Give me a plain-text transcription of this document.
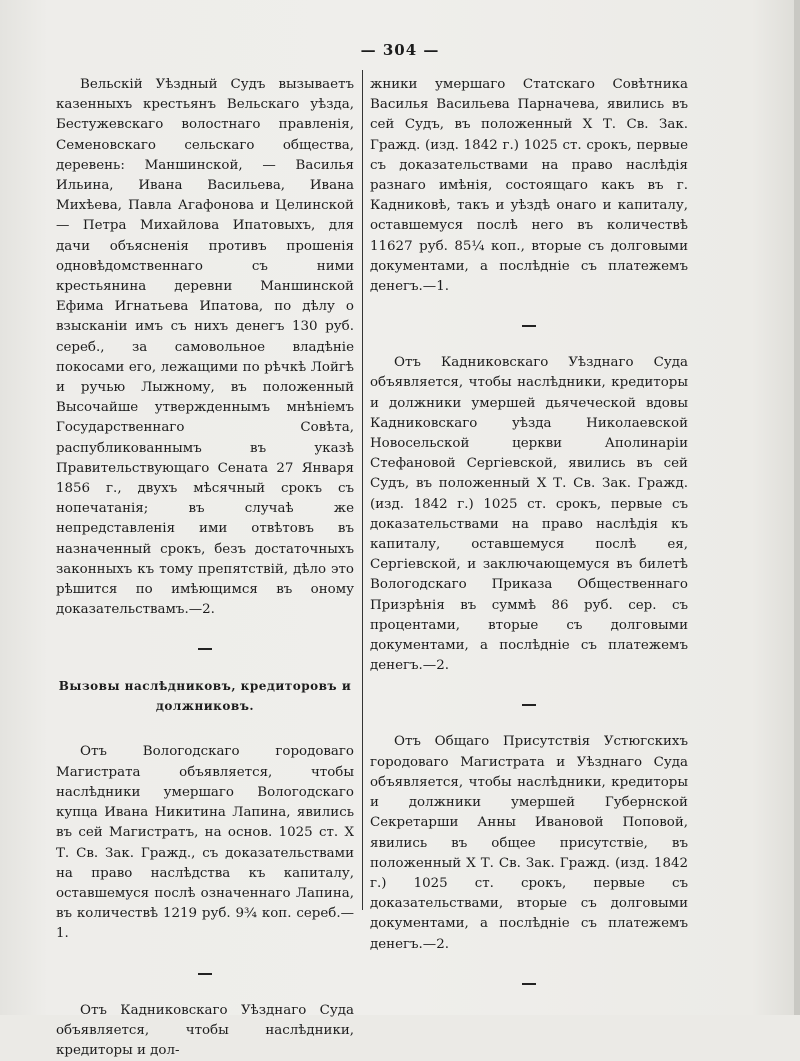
— 304 —

Вельскій Уѣздный Судъ вызываетъ казенныхъ крестьянъ Вельскаго уѣзда, Бестужевскаго волостнаго правленія, Семеновскаго сельскаго общества, деревень: Маншинской, — Василья Ильина, Ивана Васильева, Ивана Михѣева, Павла Агафонова и Целинской — Петра Михайлова Ипатовыхъ, для дачи объясненія противъ прошенія одновѣдомственнаго съ ними крестьянина деревни Маншинской Ефима Игнатьева Ипатова, по дѣлу о взысканіи имъ съ нихъ денегъ 130 руб. сереб., за самовольное владѣніе покосами его, лежащими по рѣчкѣ Лойгѣ и ручью Лыжному, въ положенный Высочайше утвержденнымъ мнѣніемъ Государственнаго Совѣта, распубликованнымъ въ указѣ Правительствующаго Сената 27 Января 1856 г., двухъ мѣсячный срокъ съ нопечатанія; въ случаѣ же непредставленія ими отвѣтовъ въ назначенный срокъ, безъ достаточныхъ законныхъ къ тому препятствій, дѣло это рѣшится по имѣющимся въ оному доказательствамъ.—2.

Вызовы наслѣдниковъ, кредиторовъ и должниковъ.

Отъ Вологодскаго городоваго Магистрата объявляется, чтобы наслѣдники умершаго Вологодскаго купца Ивана Никитина Лапина, явились въ сей Магистратъ, на основ. 1025 ст. X Т. Св. Зак. Гражд., съ доказательствами на право наслѣдства къ капиталу, оставшемуся послѣ означеннаго Лапина, въ количествѣ 1219 руб. 9¾ коп. сереб.—1.

Отъ Кадниковскаго Уѣзднаго Суда объявляется, чтобы наслѣдники, кредиторы и дол-

жники умершаго Статскаго Совѣтника Василья Васильева Парначева, явились въ сей Судъ, въ положенный X Т. Св. Зак. Гражд. (изд. 1842 г.) 1025 ст. срокъ, первые съ доказательствами на право наслѣдія разнаго имѣнія, состоящаго какъ въ г. Кадниковѣ, такъ и уѣздѣ онаго и капиталу, оставшемуся послѣ него въ количествѣ 11627 руб. 85¼ коп., вторые съ долговыми документами, а послѣдніе съ платежемъ денегъ.—1.

Отъ Кадниковскаго Уѣзднаго Суда объявляется, чтобы наслѣдники, кредиторы и должники умершей дьячеческой вдовы Кадниковскаго уѣзда Николаевской Новосельской церкви Аполинаріи Стефановой Сергіевской, явились въ сей Судъ, въ положенный X Т. Св. Зак. Гражд. (изд. 1842 г.) 1025 ст. срокъ, первые съ доказательствами на право наслѣдія къ капиталу, оставшемуся послѣ ея, Сергіевской, и заключающемуся въ билетѣ Вологодскаго Приказа Общественнаго Призрѣнія въ суммѣ 86 руб. сер. съ процентами, вторые съ долговыми документами, а послѣдніе съ платежемъ денегъ.—2.

Отъ Общаго Присутствія Устюгскихъ городоваго Магистрата и Уѣзднаго Суда объявляется, чтобы наслѣдники, кредиторы и должники умершей Губернской Секретарши Анны Ивановой Поповой, явились въ общее присутствіе, въ положенный X Т. Св. Зак. Гражд. (изд. 1842 г.) 1025 ст. срокъ, первые съ доказательствами, вторые съ долговыми документами, а послѣдніе съ платежемъ денегъ.—2.
